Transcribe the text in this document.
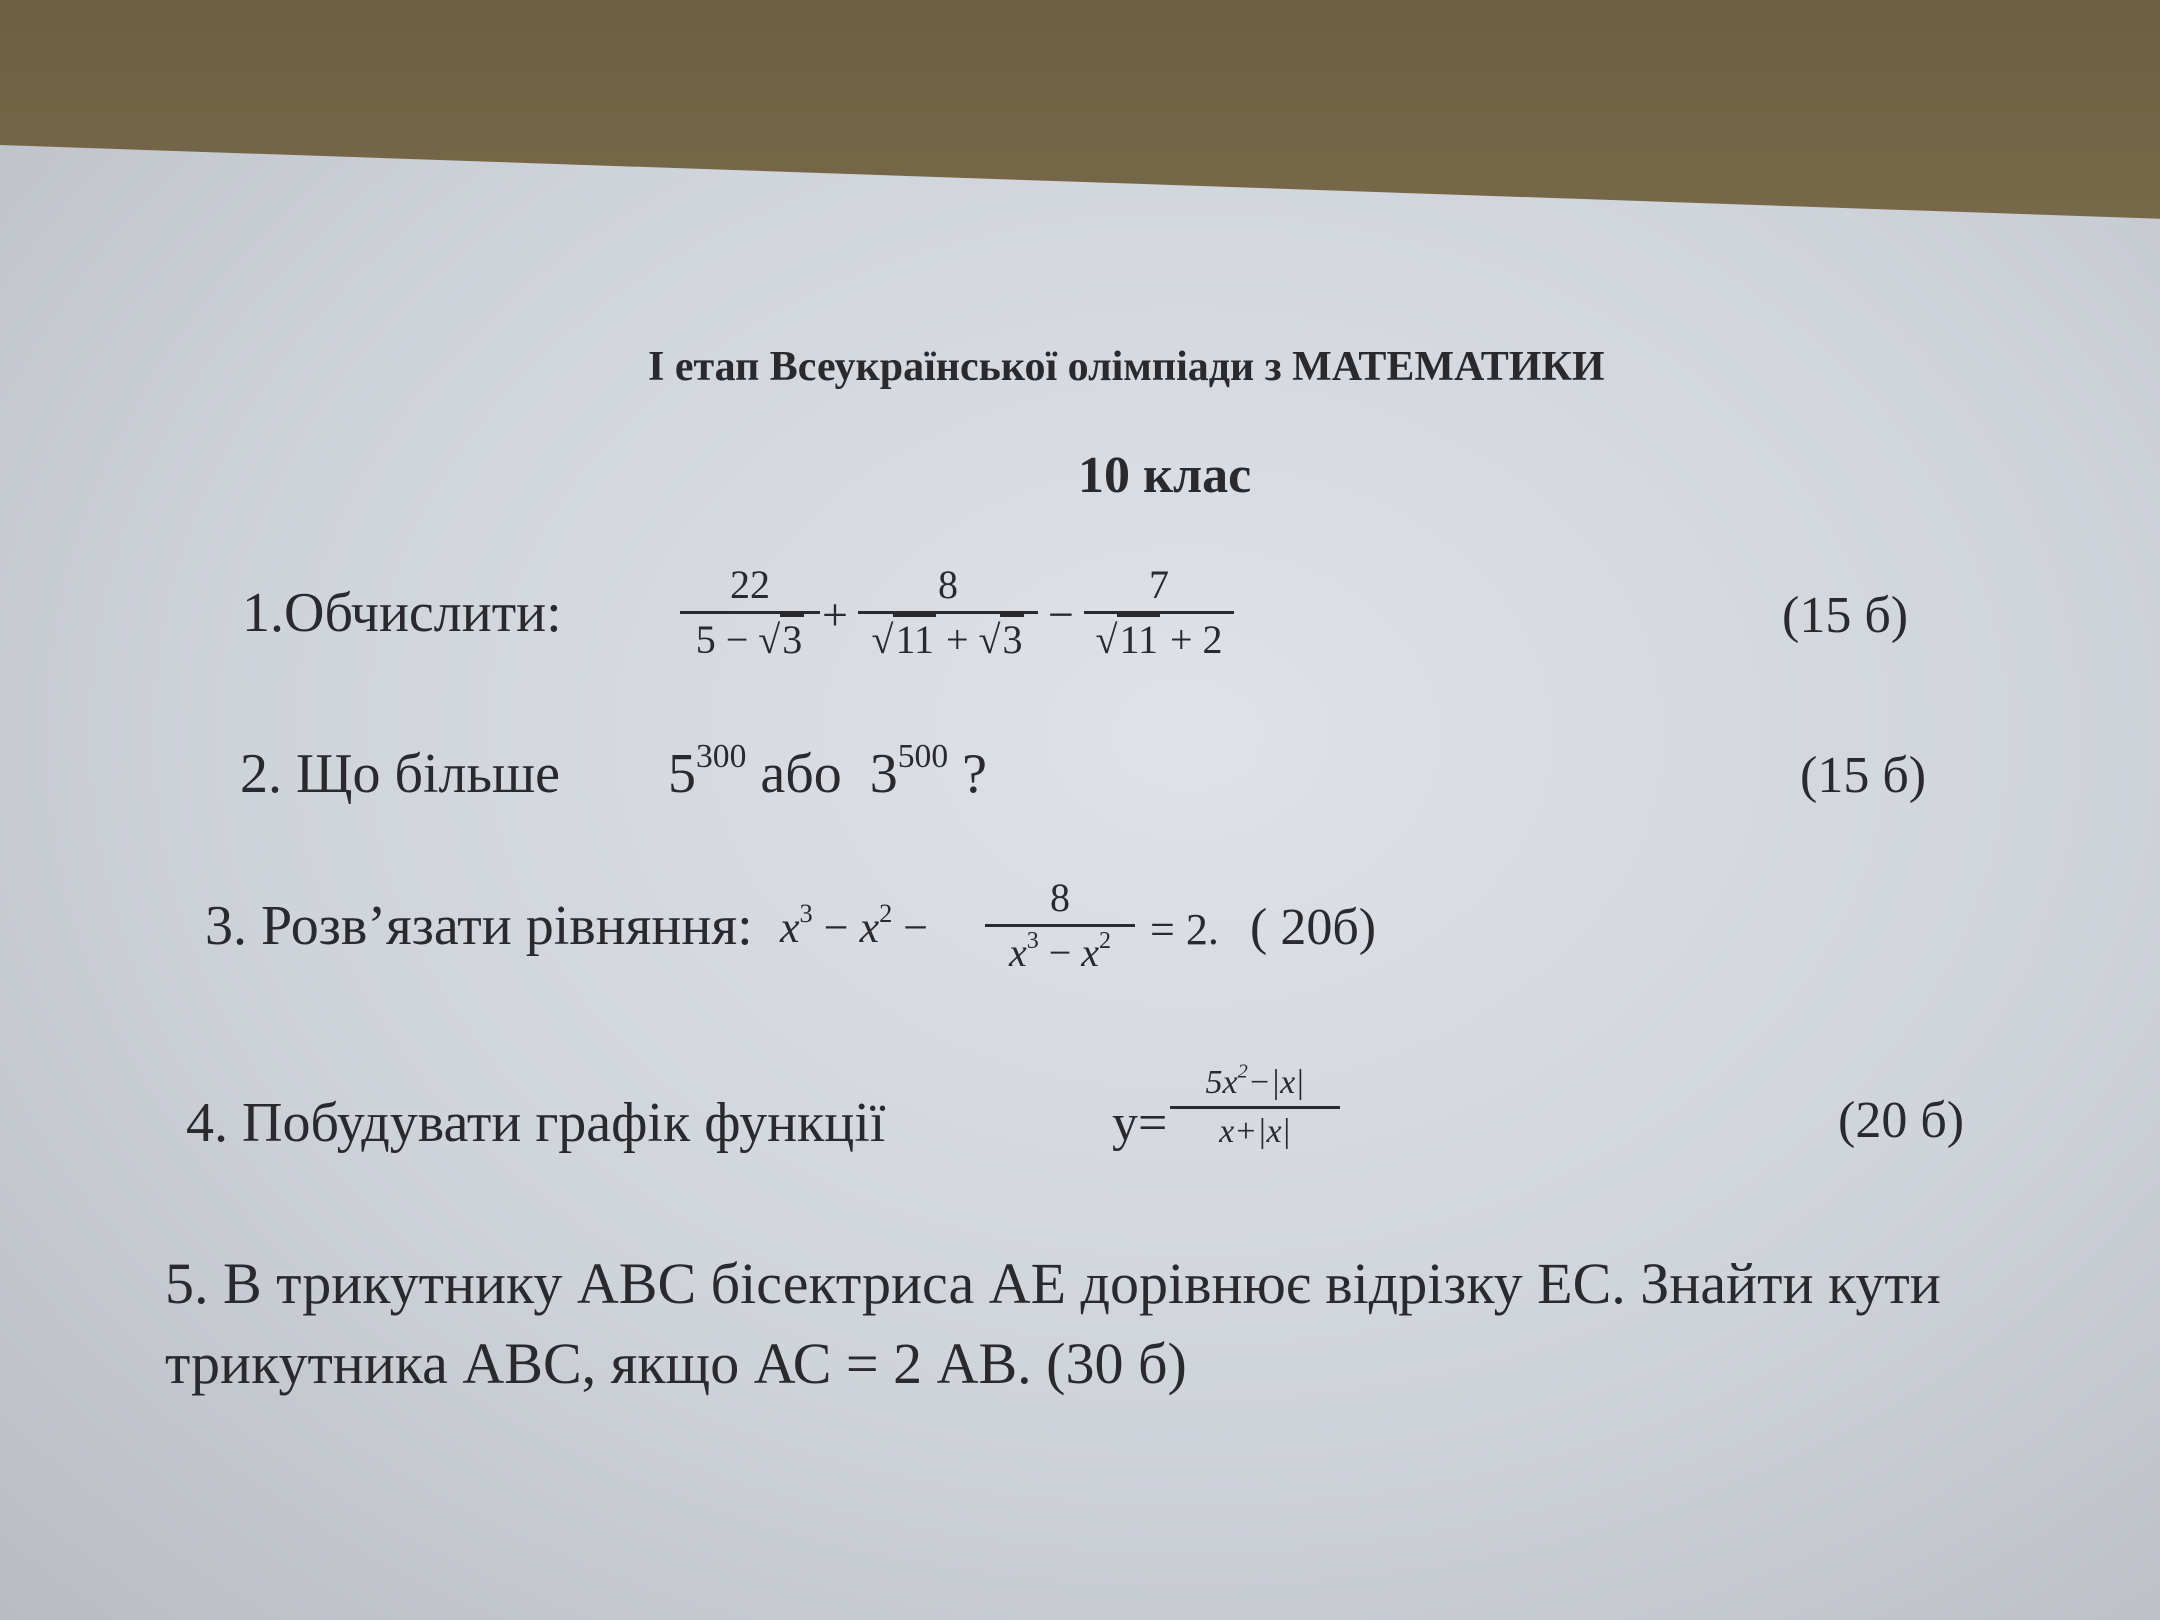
I етап Всеукраїнської олімпіади з МАТЕМАТИКИ
10 клас
1.Обчислити:	22
5 − √3 +
8
√11 + √3 −
7
√11 + 2	(15 б)
2. Що більше $5^{300}$ або $3^{500}$ ?	(15 б)
3. Розв’язати рівняння: $x^3 - x^2$ −
8
$x^3 - x^2 = 2$. ( 20б)
4. Побудувати графік функції	y=
$5x^2-|x|$
x+|x|	(20 б)
5. В трикутнику АВС бісектриса АЕ дорівнює відрізку ЕС. Знайти кути
трикутника АВС, якщо АС = 2 АВ. (30 б)
